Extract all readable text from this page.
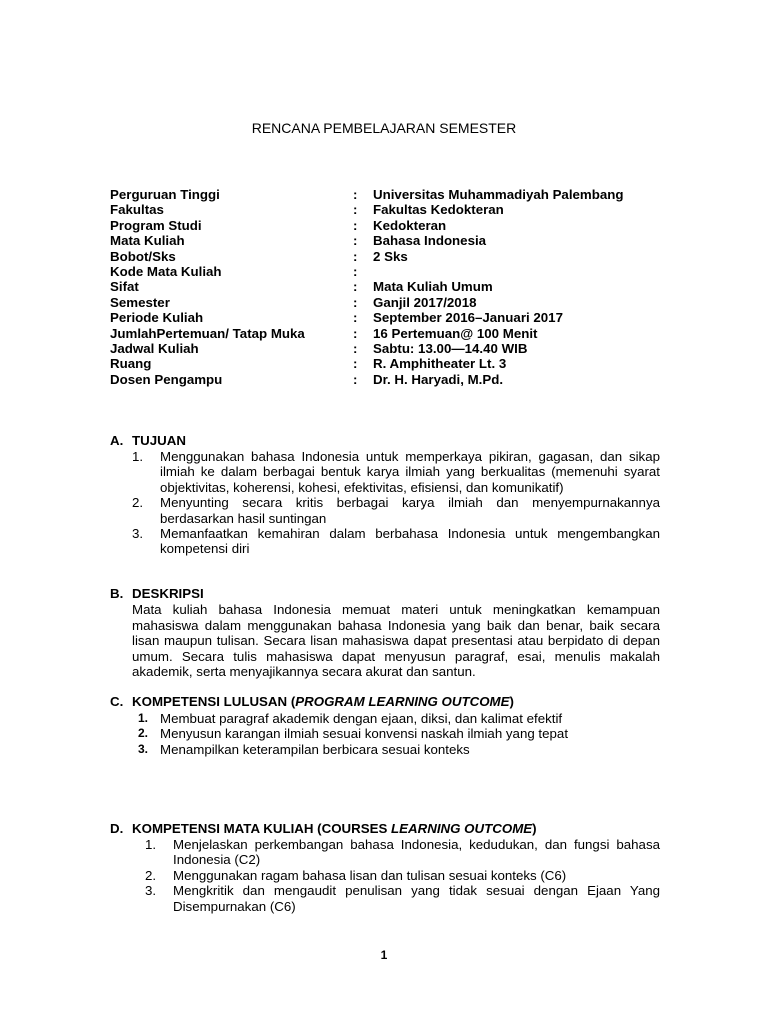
RENCANA PEMBELAJARAN SEMESTER
Perguruan Tinggi	:	Universitas Muhammadiyah Palembang
Fakultas	:	Fakultas Kedokteran
Program Studi	:	Kedokteran
Mata Kuliah	:	Bahasa Indonesia
Bobot/Sks	:	2 Sks
Kode Mata Kuliah	:
Sifat	:	Mata Kuliah Umum
Semester	:	Ganjil 2017/2018
Periode Kuliah	:	September 2016–Januari 2017
JumlahPertemuan/ Tatap Muka	:	16 Pertemuan@ 100 Menit
Jadwal Kuliah	:	Sabtu: 13.00—14.40 WIB
Ruang	:	R. Amphitheater Lt. 3
Dosen Pengampu	:	Dr. H. Haryadi, M.Pd.
A. TUJUAN
1.	Menggunakan bahasa Indonesia untuk memperkaya pikiran, gagasan, dan sikap ilmiah ke dalam berbagai bentuk karya ilmiah yang berkualitas (memenuhi syarat objektivitas, koherensi, kohesi, efektivitas, efisiensi, dan komunikatif)
2.	Menyunting secara kritis berbagai karya ilmiah dan menyempurnakannya berdasarkan hasil suntingan
3.	Memanfaatkan kemahiran dalam berbahasa Indonesia untuk mengembangkan kompetensi diri
B. DESKRIPSI
Mata kuliah bahasa Indonesia memuat materi untuk meningkatkan kemampuan mahasiswa dalam menggunakan bahasa Indonesia yang baik dan benar, baik secara lisan maupun tulisan. Secara lisan mahasiswa dapat presentasi atau berpidato di depan umum. Secara tulis mahasiswa dapat menyusun paragraf, esai, menulis makalah akademik, serta menyajikannya secara akurat dan santun.
C. KOMPETENSI LULUSAN (PROGRAM LEARNING OUTCOME)
1. Membuat paragraf akademik dengan ejaan, diksi, dan kalimat efektif
2. Menyusun karangan ilmiah sesuai konvensi naskah ilmiah yang tepat
3. Menampilkan keterampilan berbicara sesuai konteks
D. KOMPETENSI MATA KULIAH (COURSES LEARNING OUTCOME)
1.	Menjelaskan perkembangan bahasa Indonesia, kedudukan, dan fungsi bahasa Indonesia (C2)
2.	Menggunakan ragam bahasa lisan dan tulisan sesuai konteks (C6)
3.	Mengkritik dan mengaudit penulisan yang tidak sesuai dengan Ejaan Yang Disempurnakan (C6)
1
